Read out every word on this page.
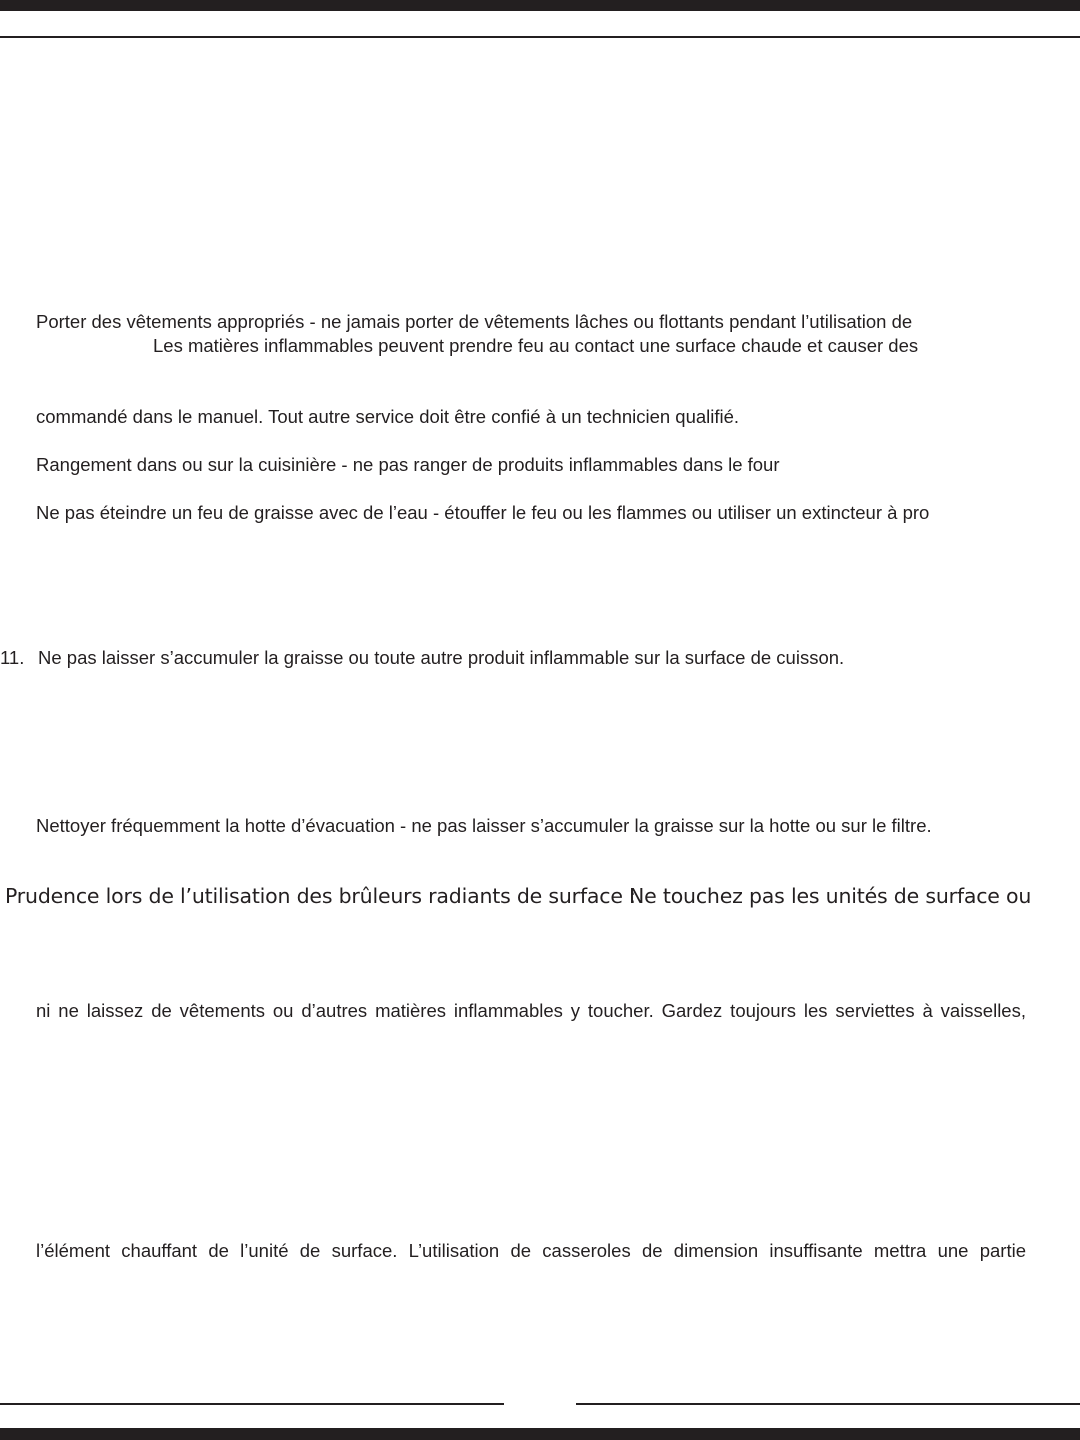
Porter des vêtements appropriés - ne jamais porter de vêtements lâches ou flottants pendant l’utilisation de
Les matières inflammables peuvent prendre feu au contact une surface chaude et causer des
commandé dans le manuel. Tout autre service doit être confié à un technicien qualifié.
Rangement dans ou sur la cuisinière - ne pas ranger de produits inflammables dans le four
Ne pas éteindre un feu de graisse avec de l’eau - étouffer le feu ou les flammes ou utiliser un extincteur à pro
11. Ne pas laisser s’accumuler la graisse ou toute autre produit inflammable sur la surface de cuisson.
Nettoyer fréquemment la hotte d’évacuation - ne pas laisser s’accumuler la graisse sur la hotte ou sur le filtre.
Prudence lors de l’utilisation des brûleurs radiants de surface :
Ne touchez pas les unités de surface ou
ni ne laissez de vêtements ou d’autres matières inflammables y toucher. Gardez toujours les serviettes à vaisselles,
l’élément chauffant de l’unité de surface. L’utilisation de casseroles de dimension insuffisante mettra une partie
